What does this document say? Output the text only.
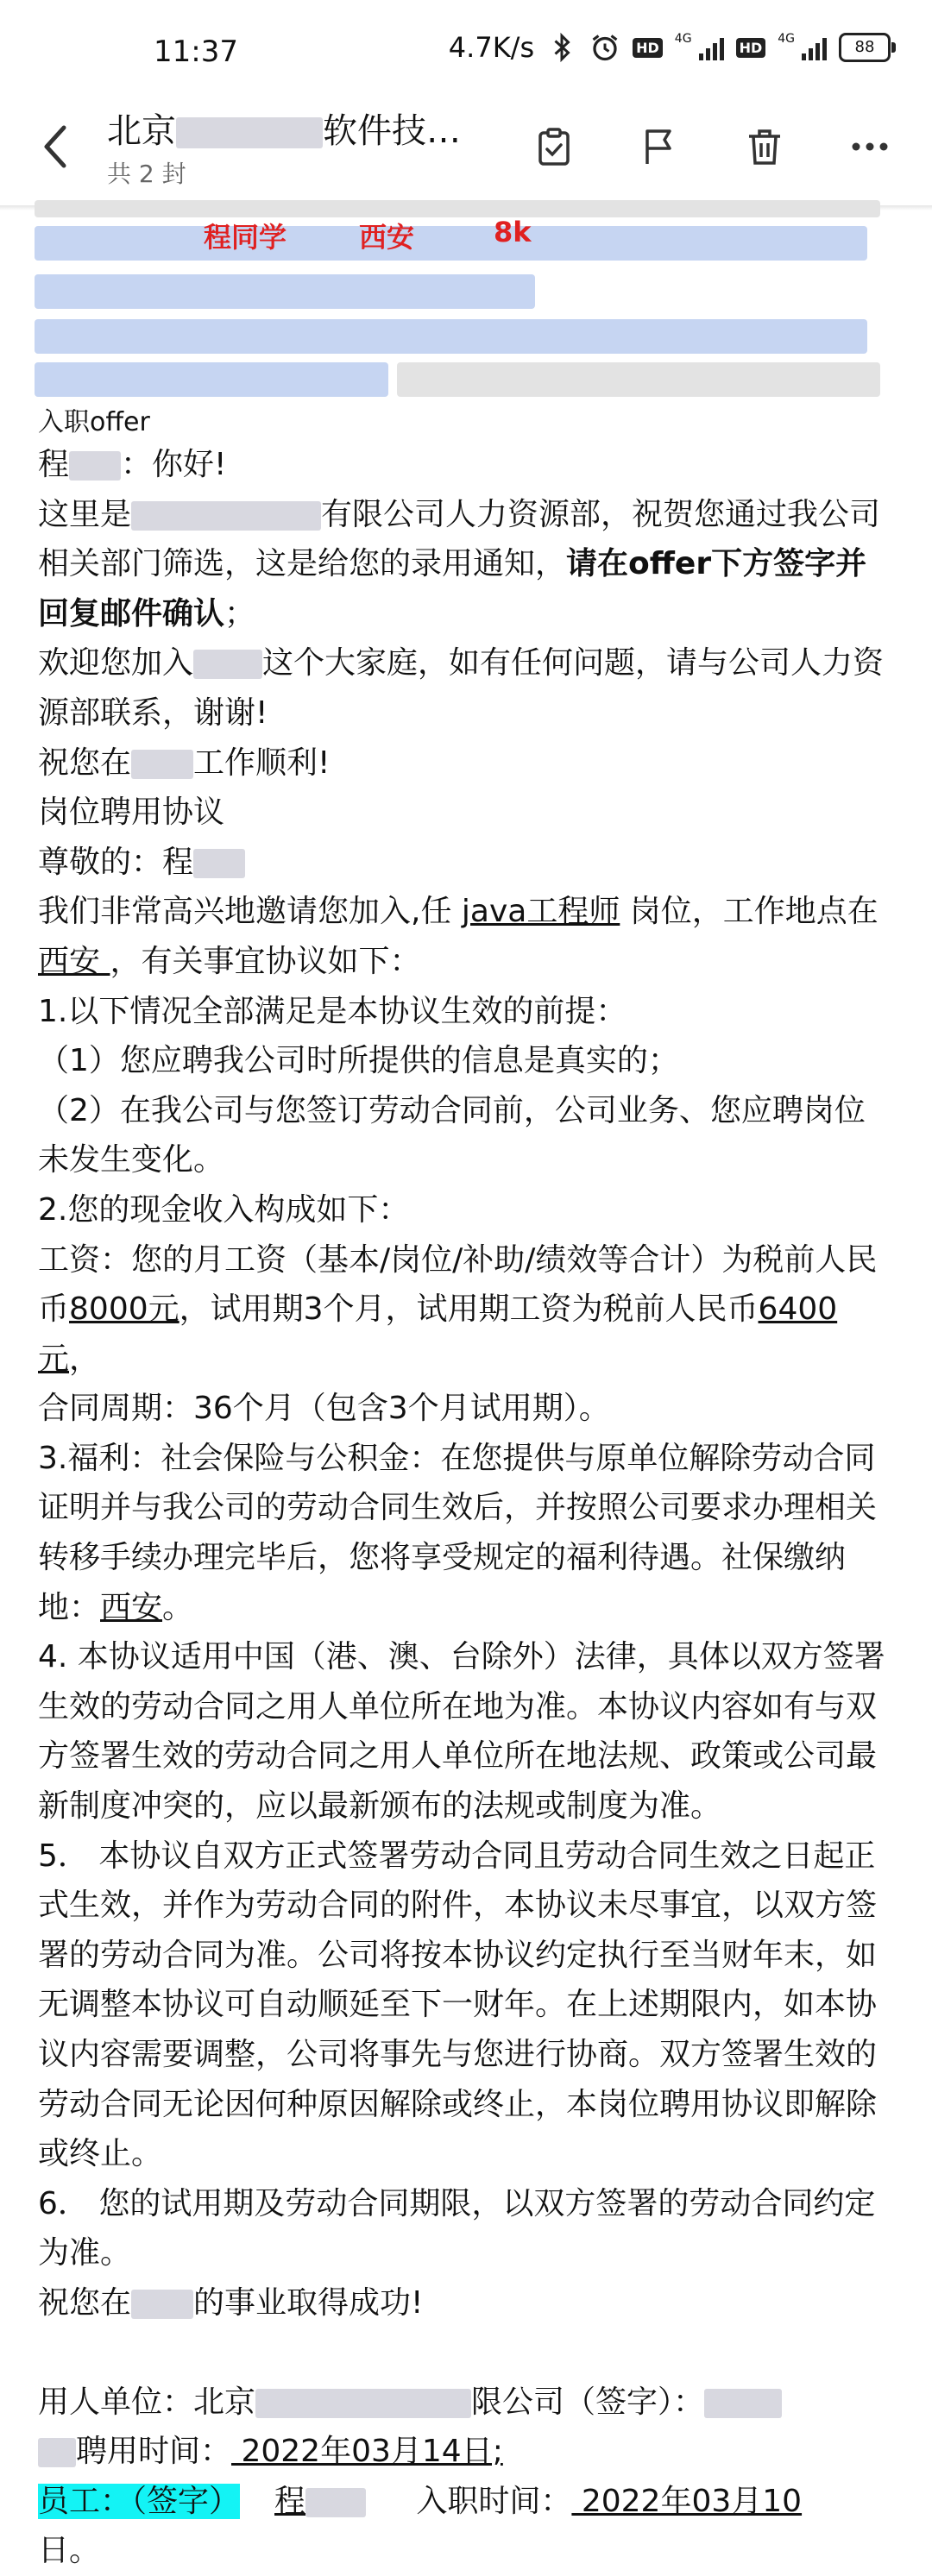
11:37	4.7K/s	HD
4G
HD
4G	88
北京	软件技…
共 2 封
程同学	西安	8k

入职offer

程 ：你好!

这里是	有限公司人力资源部，祝贺您通过我公司相关部门筛选，这是给您的录用通知，请在offer下方签字并回复邮件确认；

欢迎您加入 这个大家庭，如有任何问题，请与公司人力资源部联系，谢谢!

祝您在 工作顺利!

岗位聘用协议

尊敬的：程

我们非常高兴地邀请您加入,任 java工程师 岗位，工作地点在 西安 ，有关事宜协议如下：

1.以下情况全部满足是本协议生效的前提：

（1）您应聘我公司时所提供的信息是真实的；

（2）在我公司与您签订劳动合同前，公司业务、您应聘岗位未发生变化。

2.您的现金收入构成如下：

工资：您的月工资（基本/岗位/补助/绩效等合计）为税前人民币8000元，试用期3个月，试用期工资为税前人民币6400元，

合同周期：36个月（包含3个月试用期）。

3.福利：社会保险与公积金：在您提供与原单位解除劳动合同证明并与我公司的劳动合同生效后，并按照公司要求办理相关转移手续办理完毕后，您将享受规定的福利待遇。社保缴纳地：西安。

4. 本协议适用中国（港、澳、台除外）法律，具体以双方签署生效的劳动合同之用人单位所在地为准。本协议内容如有与双方签署生效的劳动合同之用人单位所在地法规、政策或公司最新制度冲突的，应以最新颁布的法规或制度为准。

5． 本协议自双方正式签署劳动合同且劳动合同生效之日起正式生效，并作为劳动合同的附件，本协议未尽事宜，以双方签署的劳动合同为准。公司将按本协议约定执行至当财年末，如无调整本协议可自动顺延至下一财年。在上述期限内，如本协议内容需要调整，公司将事先与您进行协商。双方签署生效的劳动合同无论因何种原因解除或终止，本岗位聘用协议即解除或终止。

6． 您的试用期及劳动合同期限，以双方签署的劳动合同约定为准。

祝您在 的事业取得成功!

用人单位：北京	限公司（签字）：

聘用时间： 2022年03月14日;

员工：（签字） 程	入职时间： 2022年03月10
日。
